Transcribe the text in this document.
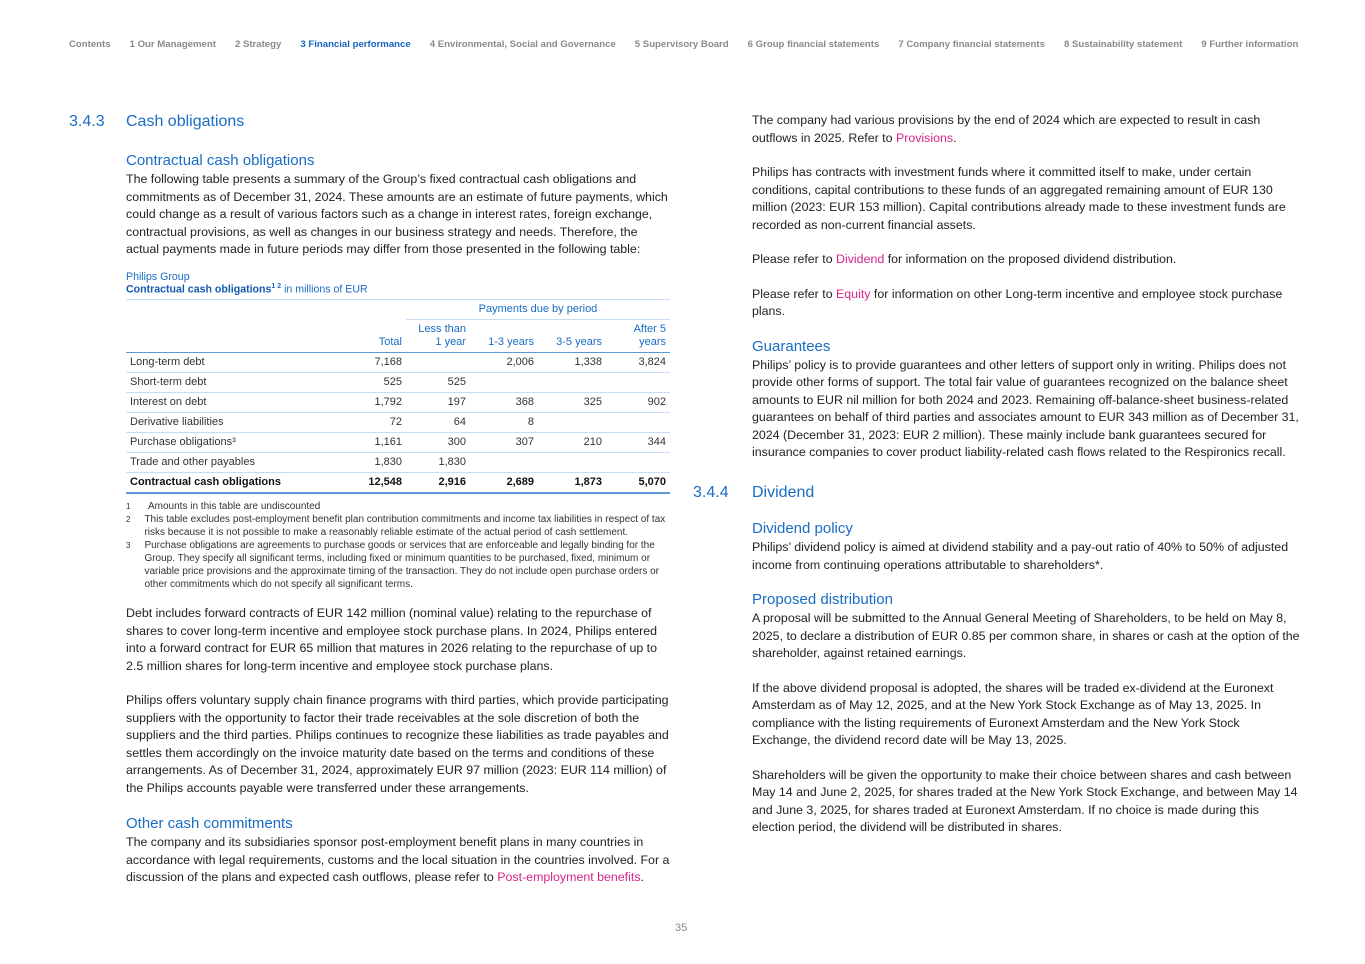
Contents 1 Our Management 2 Strategy 3 Financial performance 4 Environmental, Social and Governance 5 Supervisory Board 6 Group financial statements 7 Company financial statements 8 Sustainability statement 9 Further information
3.4.3 Cash obligations
Contractual cash obligations

The following table presents a summary of the Group’s fixed contractual cash obligations and commitments as of December 31, 2024. These amounts are an estimate of future payments, which could change as a result of various factors such as a change in interest rates, foreign exchange, contractual provisions, as well as changes in our business strategy and needs. Therefore, the actual payments made in future periods may differ from those presented in the following table:

Philips Group
Contractual cash obligations$^{1 2}$ in millions of EUR
		Payments due by period			
	Total	Less than 1 year	1-3 years	3-5 years	After 5 years
Long-term debt	7,168		2,006	1,338	3,824
Short-term debt	525	525			
Interest on debt	1,792	197	368	325	902
Derivative liabilities	72	64	8		
Purchase obligations³	1,161	300	307	210	344
Trade and other payables	1,830	1,830			
Contractual cash obligations	12,548	2,916	2,689	1,873	5,070
1	Amounts in this table are undiscounted
2 This table excludes post-employment benefit plan contribution commitments and income tax liabilities in respect of tax risks because it is not possible to make a reasonably reliable estimate of the actual period of cash settlement.
3 Purchase obligations are agreements to purchase goods or services that are enforceable and legally binding for the Group. They specify all significant terms, including fixed or minimum quantities to be purchased, fixed, minimum or variable price provisions and the approximate timing of the transaction. They do not include open purchase orders or other commitments which do not specify all significant terms.

Debt includes forward contracts of EUR 142 million (nominal value) relating to the repurchase of shares to cover long-term incentive and employee stock purchase plans. In 2024, Philips entered into a forward contract for EUR 65 million that matures in 2026 relating to the repurchase of up to 2.5 million shares for long-term incentive and employee stock purchase plans.

Philips offers voluntary supply chain finance programs with third parties, which provide participating suppliers with the opportunity to factor their trade receivables at the sole discretion of both the suppliers and the third parties. Philips continues to recognize these liabilities as trade payables and settles them accordingly on the invoice maturity date based on the terms and conditions of these arrangements. As of December 31, 2024, approximately EUR 97 million (2023: EUR 114 million) of the Philips accounts payable were transferred under these arrangements.

Other cash commitments

The company and its subsidiaries sponsor post-employment benefit plans in many countries in accordance with legal requirements, customs and the local situation in the countries involved. For a discussion of the plans and expected cash outflows, please refer to Post-employment benefits.

The company had various provisions by the end of 2024 which are expected to result in cash outflows in 2025. Refer to Provisions.

Philips has contracts with investment funds where it committed itself to make, under certain conditions, capital contributions to these funds of an aggregated remaining amount of EUR 130 million (2023: EUR 153 million). Capital contributions already made to these investment funds are recorded as non-current financial assets.

Please refer to Dividend for information on the proposed dividend distribution.

Please refer to Equity for information on other Long-term incentive and employee stock purchase plans.

Guarantees

Philips’ policy is to provide guarantees and other letters of support only in writing. Philips does not provide other forms of support. The total fair value of guarantees recognized on the balance sheet amounts to EUR nil million for both 2024 and 2023. Remaining off-balance-sheet business-related guarantees on behalf of third parties and associates amount to EUR 343 million as of December 31, 2024 (December 31, 2023: EUR 2 million). These mainly include bank guarantees secured for insurance companies to cover product liability-related cash flows related to the Respironics recall.

3.4.4 Dividend
Dividend policy

Philips’ dividend policy is aimed at dividend stability and a pay-out ratio of 40% to 50% of adjusted income from continuing operations attributable to shareholders*.

Proposed distribution

A proposal will be submitted to the Annual General Meeting of Shareholders, to be held on May 8, 2025, to declare a distribution of EUR 0.85 per common share, in shares or cash at the option of the shareholder, against retained earnings.

If the above dividend proposal is adopted, the shares will be traded ex-dividend at the Euronext Amsterdam as of May 12, 2025, and at the New York Stock Exchange as of May 13, 2025. In compliance with the listing requirements of Euronext Amsterdam and the New York Stock Exchange, the dividend record date will be May 13, 2025.

Shareholders will be given the opportunity to make their choice between shares and cash between May 14 and June 2, 2025, for shares traded at the New York Stock Exchange, and between May 14 and June 3, 2025, for shares traded at Euronext Amsterdam. If no choice is made during this election period, the dividend will be distributed in shares.

35
